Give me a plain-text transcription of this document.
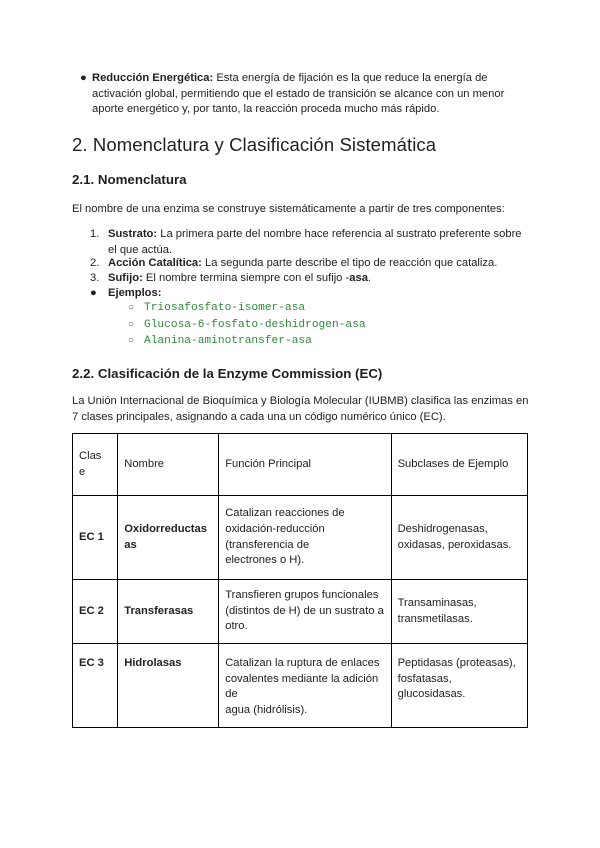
● Reducción Energética: Esta energía de fijación es la que reduce la energía de
activación global, permitiendo que el estado de transición se alcance con un menor
aporte energético y, por tanto, la reacción proceda mucho más rápido.
2. Nomenclatura y Clasificación Sistemática
2.1. Nomenclatura
El nombre de una enzima se construye sistemáticamente a partir de tres componentes:
1. Sustrato: La primera parte del nombre hace referencia al sustrato preferente sobre
el que actúa.
2. Acción Catalítica: La segunda parte describe el tipo de reacción que cataliza.
3. Sufijo: El nombre termina siempre con el sufijo -asa.
● Ejemplos:
○ Triosafosfato-isomer-asa
○ Glucosa-6-fosfato-deshidrogen-asa
○ Alanina-aminotransfer-asa
2.2. Clasificación de la Enzyme Commission (EC)
La Unión Internacional de Bioquímica y Biología Molecular (IUBMB) clasifica las enzimas en
7 clases principales, asignando a cada una un código numérico único (EC).
Clas
e	Nombre	Función Principal	Subclases de Ejemplo
EC 1	Oxidorreductas
as	Catalizan reacciones de
oxidación-reducción (transferencia de
electrones o H).	Deshidrogenasas,
oxidasas, peroxidasas.
EC 2	Transferasas	Transfieren grupos funcionales
(distintos de H) de un sustrato a otro.	Transaminasas,
transmetilasas.
EC 3	Hidrolasas	Catalizan la ruptura de enlaces
covalentes mediante la adición de
agua (hidrólisis).	Peptidasas (proteasas),
fosfatasas,
glucosidasas.
